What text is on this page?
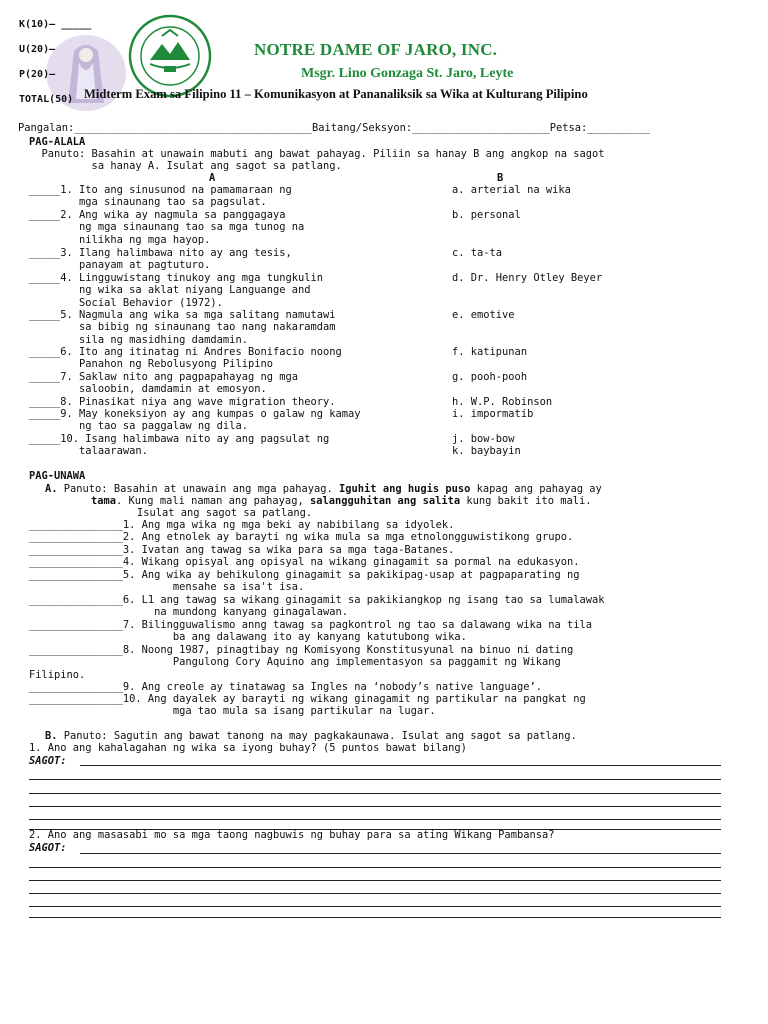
K(10)– _____
U(20)–
P(20)–
TOTAL(50)
NOTRE DAME OF JARO, INC.
Msgr. Lino Gonzaga St. Jaro, Leyte
Midterm Exam sa Filipino 11 – Komunikasyon at Pananaliksik sa Wika at Kulturang Pilipino
Pangalan:______________________________________Baitang/Seksyon:______________________Petsa:__________
PAG-ALALA
Panuto: Basahin at unawain mabuti ang bawat pahayag. Piliin sa hanay B ang angkop na sagot
sa hanay A. Isulat ang sagot sa patlang.
A	B
_____1. Ito ang sinusunod na pamamaraan ng
mga sinaunang tao sa pagsulat.
a. arterial na wika
_____2. Ang wika ay nagmula sa panggagaya
ng mga sinaunang tao sa mga tunog na
nilikha ng mga hayop.
b. personal
_____3. Ilang halimbawa nito ay ang tesis,
panayam at pagtuturo.
c. ta-ta
_____4. Lingguwistang tinukoy ang mga tungkulin
ng wika sa aklat niyang Languange and
Social Behavior (1972).
d. Dr. Henry Otley Beyer
_____5. Nagmula ang wika sa mga salitang namutawi
sa bibig ng sinaunang tao nang nakaramdam
sila ng masidhing damdamin.
e. emotive
_____6. Ito ang itinatag ni Andres Bonifacio noong
Panahon ng Rebolusyong Pilipino
f. katipunan
_____7. Saklaw nito ang pagpapahayag ng mga
saloobin, damdamin at emosyon.
g. pooh-pooh
_____8. Pinasikat niya ang wave migration theory.	h. W.P. Robinson
_____9. May koneksiyon ay ang kumpas o galaw ng kamay
ng tao sa paggalaw ng dila.
i. impormatib
_____10. Isang halimbawa nito ay ang pagsulat ng
talaarawan.
j. bow-bow
k. baybayin
PAG-UNAWA
A. Panuto: Basahin at unawain ang mga pahayag. Iguhit ang hugis puso kapag ang pahayag ay
tama. Kung mali naman ang pahayag, salangguhitan ang salita kung bakit ito mali.
Isulat ang sagot sa patlang.
_______________1. Ang mga wika ng mga beki ay nabibilang sa idyolek.
_______________2. Ang etnolek ay barayti ng wika mula sa mga etnolongguwistikong grupo.
_______________3. Ivatan ang tawag sa wika para sa mga taga-Batanes.
_______________4. Wikang opisyal ang opisyal na wikang ginagamit sa pormal na edukasyon.
_______________5. Ang wika ay behikulong ginagamit sa pakikipag-usap at pagpaparating ng
mensahe sa isa't isa.
_______________6. L1 ang tawag sa wikang ginagamit sa pakikiangkop ng isang tao sa lumalawak
na mundong kanyang ginagalawan.
_______________7. Bilingguwalismo anng tawag sa pagkontrol ng tao sa dalawang wika na tila
ba ang dalawang ito ay kanyang katutubong wika.
_______________8. Noong 1987, pinagtibay ng Komisyong Konstitusyunal na binuo ni dating
Pangulong Cory Aquino ang implementasyon sa paggamit ng Wikang
Filipino.
_______________9. Ang creole ay tinatawag sa Ingles na ‘nobody’s native language’.
_______________10. Ang dayalek ay barayti ng wikang ginagamit ng partikular na pangkat ng
mga tao mula sa isang partikular na lugar.
B. Panuto: Sagutin ang bawat tanong na may pagkakaunawa. Isulat ang sagot sa patlang.
1. Ano ang kahalagahan ng wika sa iyong buhay? (5 puntos bawat bilang)
SAGOT:
2. Ano ang masasabi mo sa mga taong nagbuwis ng buhay para sa ating Wikang Pambansa?
SAGOT:
